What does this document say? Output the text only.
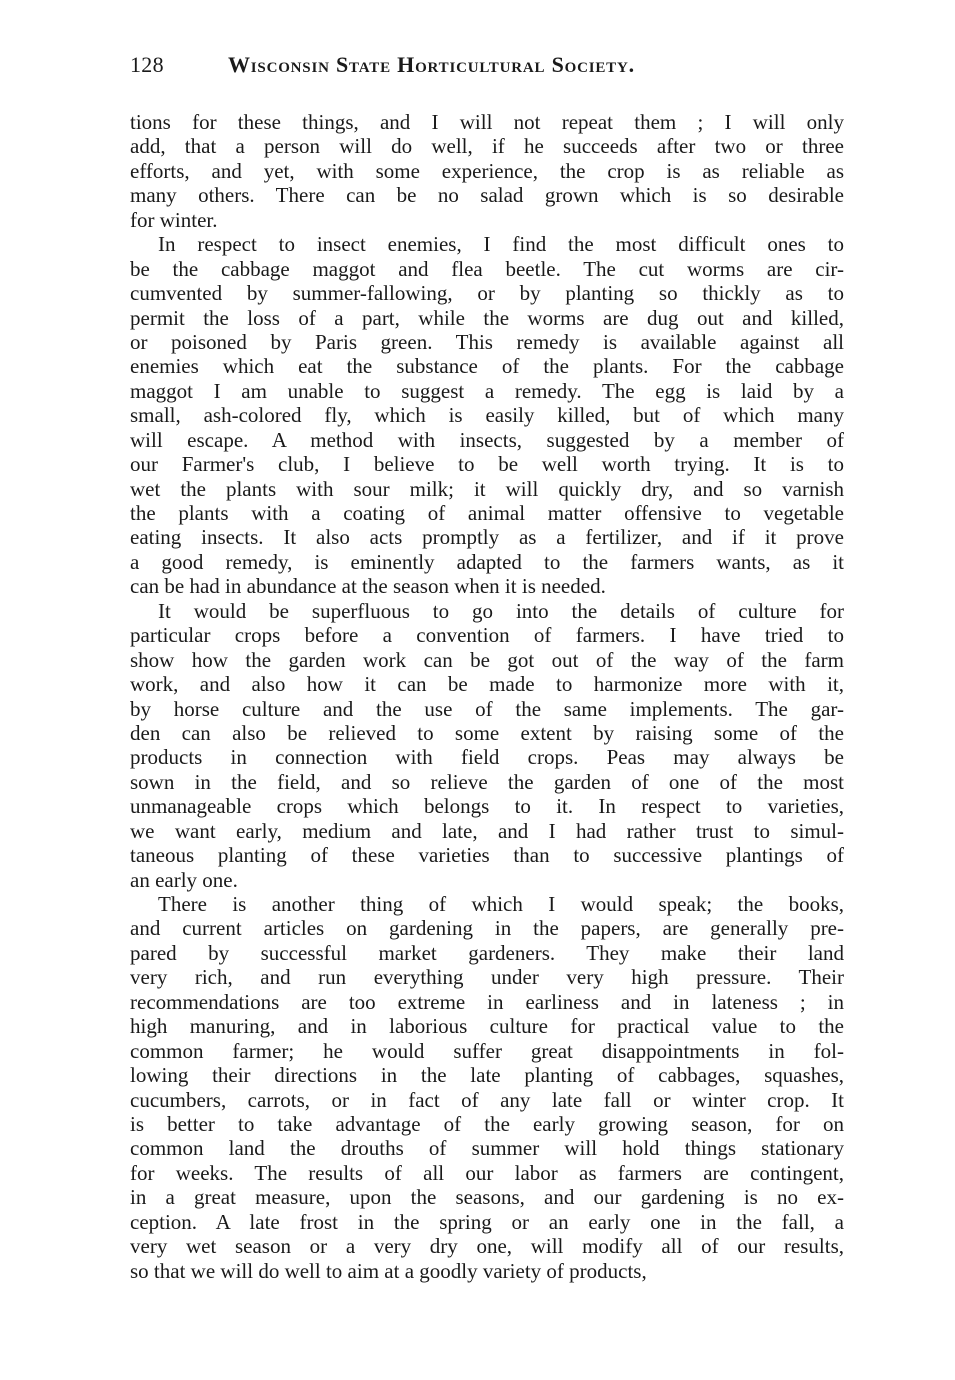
128	Wisconsin State Horticultural Society.
tions for these things, and I will not repeat them ; I will only
add, that a person will do well, if he succeeds after two or three
efforts, and yet, with some experience, the crop is as reliable as
many others. There can be no salad grown which is so desirable
for winter.
In respect to insect enemies, I find the most difficult ones to
be the cabbage maggot and flea beetle. The cut worms are cir-
cumvented by summer-fallowing, or by planting so thickly as to
permit the loss of a part, while the worms are dug out and killed,
or poisoned by Paris green. This remedy is available against all
enemies which eat the substance of the plants. For the cabbage
maggot I am unable to suggest a remedy. The egg is laid by a
small, ash-colored fly, which is easily killed, but of which many
will escape. A method with insects, suggested by a member of
our Farmer's club, I believe to be well worth trying. It is to
wet the plants with sour milk; it will quickly dry, and so varnish
the plants with a coating of animal matter offensive to vegetable
eating insects. It also acts promptly as a fertilizer, and if it prove
a good remedy, is eminently adapted to the farmers wants, as it
can be had in abundance at the season when it is needed.
It would be superfluous to go into the details of culture for
particular crops before a convention of farmers. I have tried to
show how the garden work can be got out of the way of the farm
work, and also how it can be made to harmonize more with it,
by horse culture and the use of the same implements. The gar-
den can also be relieved to some extent by raising some of the
products in connection with field crops. Peas may always be
sown in the field, and so relieve the garden of one of the most
unmanageable crops which belongs to it. In respect to varieties,
we want early, medium and late, and I had rather trust to simul-
taneous planting of these varieties than to successive plantings of
an early one.
There is another thing of which I would speak; the books,
and current articles on gardening in the papers, are generally pre-
pared by successful market gardeners. They make their land
very rich, and run everything under very high pressure. Their
recommendations are too extreme in earliness and in lateness ; in
high manuring, and in laborious culture for practical value to the
common farmer; he would suffer great disappointments in fol-
lowing their directions in the late planting of cabbages, squashes,
cucumbers, carrots, or in fact of any late fall or winter crop. It
is better to take advantage of the early growing season, for on
common land the drouths of summer will hold things stationary
for weeks. The results of all our labor as farmers are contingent,
in a great measure, upon the seasons, and our gardening is no ex-
ception. A late frost in the spring or an early one in the fall, a
very wet season or a very dry one, will modify all of our results,
so that we will do well to aim at a goodly variety of products,
